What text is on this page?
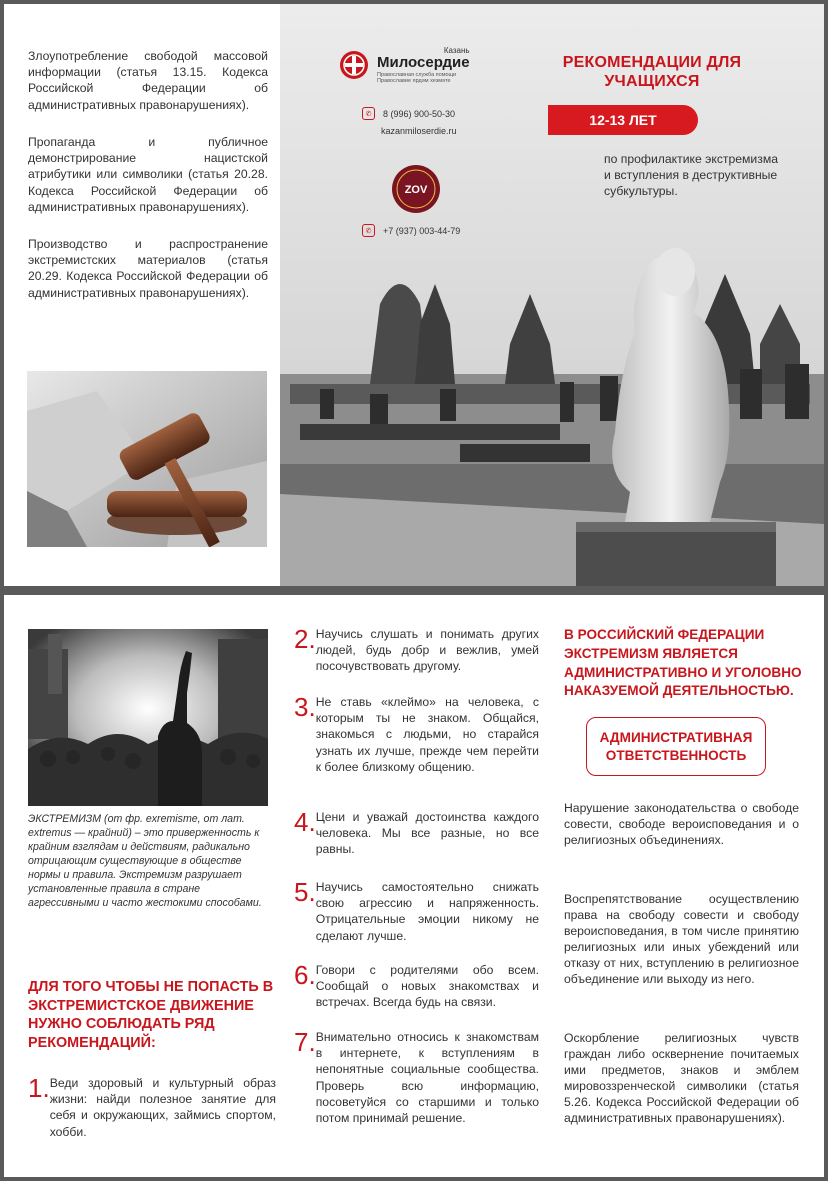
Злоупотребление свободой массовой информации (статья 13.15. Кодекса Российской Федерации об административных правонарушениях).

Пропаганда и публичное демонстрирование нацистской атрибутики или символики (статья 20.28. Кодекса Российской Федерации об административных правонарушениях).

Производство и распространение экстремистских материалов (статья 20.29. Кодекса Российской Федерации об административных правонарушениях).

Казань
Милосердие
Православная служба помощи
Православие ярдәм хезмәте
✆	8 (996) 900-50-30
kazanmiloserdie.ru
ZOV
✆	+7 (937) 003-44-79
РЕКОМЕНДАЦИИ ДЛЯ УЧАЩИХСЯ
12-13 ЛЕТ
по профилактике экстремизма и вступления в деструктивные субкультуры.
ЭКСТРЕМИЗМ (от фр. exremisme, от лат. extremus — крайний) – это приверженность к крайним взглядам и действиям, радикально отрицающим существующие в обществе нормы и правила. Экстремизм разрушает установленные правила в стране агрессивными и часто жестокими способами.
ДЛЯ ТОГО ЧТОБЫ НЕ ПОПАСТЬ В ЭКСТРЕМИСТСКОЕ ДВИЖЕНИЕ НУЖНО СОБЛЮДАТЬ РЯД РЕКОМЕНДАЦИЙ:
1. Веди здоровый и культурный образ жизни: найди полезное занятие для себя и окружающих, займись спортом, хобби.
2. Научись слушать и понимать других людей, будь добр и вежлив, умей посочувствовать другому.
3. Не ставь «клеймо» на человека, с которым ты не знаком. Общайся, знакомься с людьми, но старайся узнать их лучше, прежде чем перейти к более близкому общению.
4. Цени и уважай достоинства каждого человека. Мы все разные, но все равны.
5. Научись самостоятельно снижать свою агрессию и напряженность. Отрицательные эмоции никому не сделают лучше.
6. Говори с родителями обо всем. Сообщай о новых знакомствах и встречах. Всегда будь на связи.
7. Внимательно относись к знакомствам в интернете, к вступлениям в непонятные социальные сообщества. Проверь всю информацию, посоветуйся со старшими и только потом принимай решение.
В РОССИЙСКИЙ ФЕДЕРАЦИИ ЭКСТРЕМИЗМ ЯВЛЯЕТСЯ АДМИНИСТРАТИВНО И УГОЛОВНО НАКАЗУЕМОЙ ДЕЯТЕЛЬНОСТЬЮ.
АДМИНИСТРАТИВНАЯ ОТВЕТСТВЕННОСТЬ
Нарушение законодательства о свободе совести, свободе вероисповедания и о религиозных объединениях.
Воспрепятствование осуществлению права на свободу совести и свободу вероисповедания, в том числе принятию религиозных или иных убеждений или отказу от них, вступлению в религиозное объединение или выходу из него.
Оскорбление религиозных чувств граждан либо осквернение почитаемых ими предметов, знаков и эмблем мировоззренческой символики (статья 5.26. Кодекса Российской Федерации об административных правонарушениях).
